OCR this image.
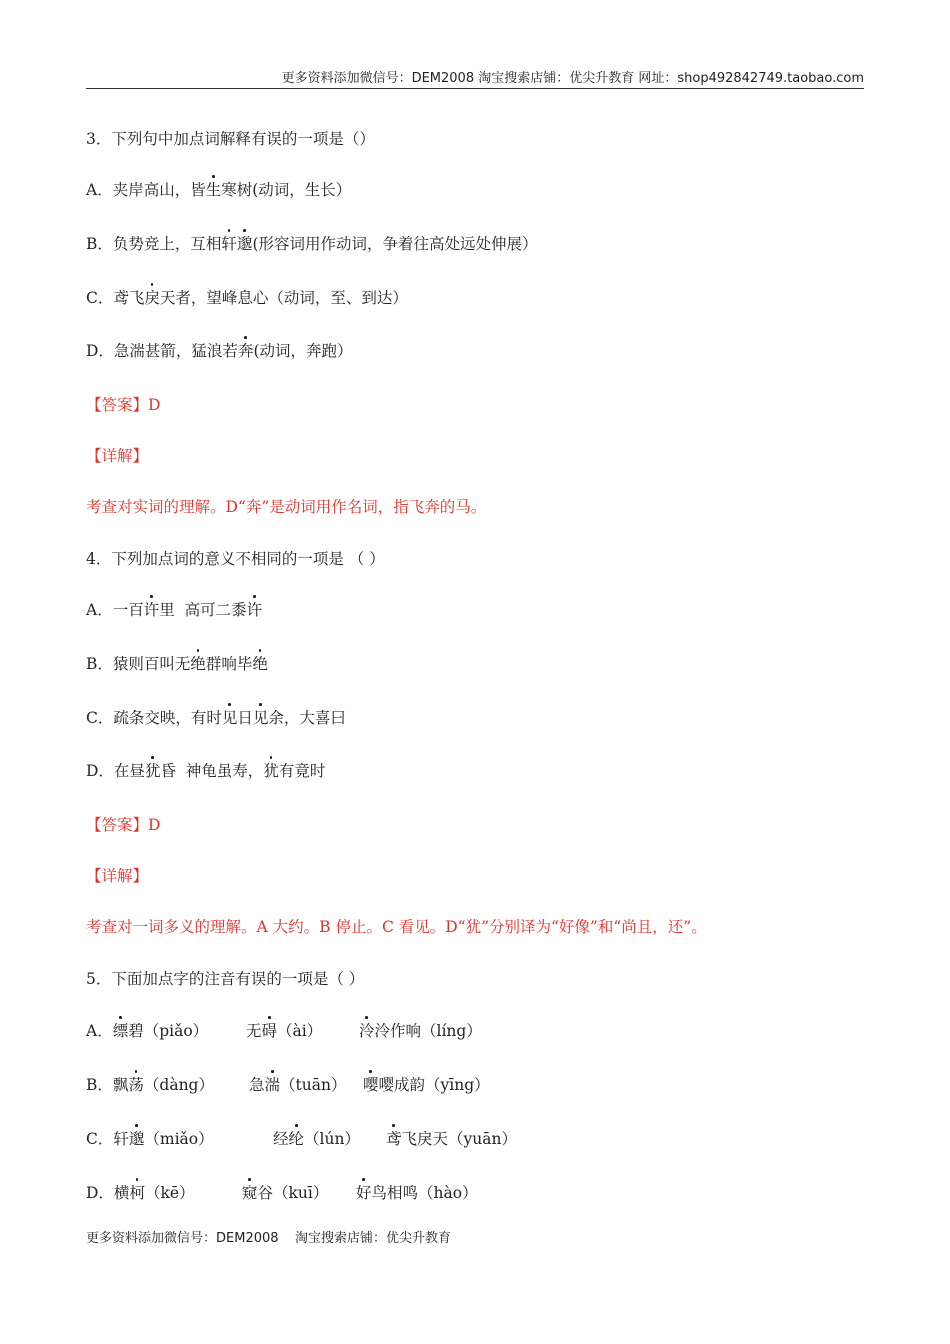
更多资料添加微信号：DEM2008 淘宝搜索店铺：优尖升教育 网址：shop492842749.taobao.com
3．下列句中加点词解释有误的一项是（）
A．夹岸高山，皆生寒树(动词，生长）
B．负势竞上，互相轩邈(形容词用作动词，争着往高处远处伸展）
C．鸢飞戾天者，望峰息心（动词，至、到达）
D．急湍甚箭，猛浪若奔(动词，奔跑）
【答案】D
【详解】
考查对实词的理解。D“奔”是动词用作名词，指飞奔的马。
4．下列加点词的意义不相同的一项是 （ ）
A．一百许里  高可二黍许
B．猿则百叫无绝群响毕绝
C．疏条交映，有时见日见余，大喜曰
D．在昼犹昏  神龟虽寿，犹有竟时
【答案】D
【详解】
考查对一词多义的理解。A 大约。B 停止。C 看见。D“犹”分别译为“好像”和“尚且，还”。
5．下面加点字的注音有误的一项是（ ）
A．缥碧（piǎo） 无碍（ài） 泠泠作响（líng）
B．飘荡（dàng） 急湍（tuān） 嘤嘤成韵（yīng）
C．轩邈（miǎo）	经纶（lún） 鸢飞戾天（yuān）
D．横柯（kē）	窥谷（kuī） 好鸟相鸣（hào）
更多资料添加微信号：DEM2008    淘宝搜索店铺：优尖升教育
